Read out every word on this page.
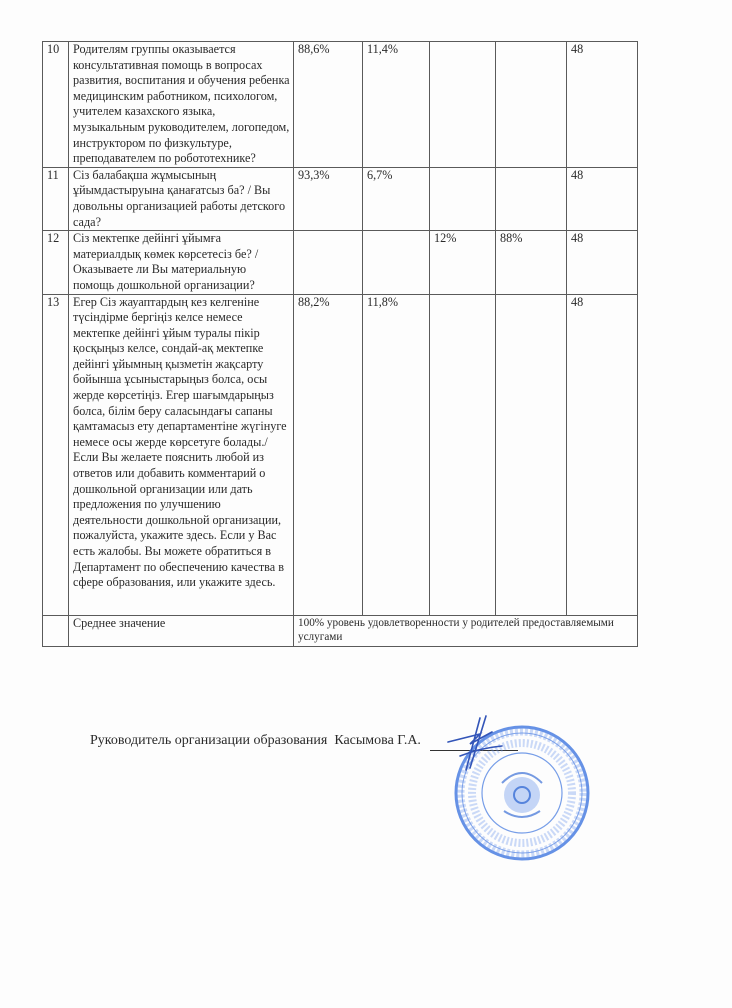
10	Родителям группы оказывается консультативная помощь в вопросах развития, воспитания и обучения ребенка медицинским работником, психологом, учителем казахского языка, музыкальным руководителем, логопедом, инструктором по физкультуре, преподавателем по робототехнике?	88,6%	11,4%			48
11	Сіз балабақша жұмысының ұйымдастыруына қанағатсыз ба? / Вы довольны организацией работы детского сада?	93,3%	6,7%			48
12	Сіз мектепке дейінгі ұйымға материалдық көмек көрсетесіз бе? / Оказываете ли Вы материальную помощь дошкольной организации?			12%	88%	48
13	Егер Сіз жауаптардың кез келгеніне түсіндірме бергіңіз келсе немесе мектепке дейінгі ұйым туралы пікір қосқыңыз келсе, сондай-ақ мектепке дейінгі ұйымның қызметін жақсарту бойынша ұсыныстарыңыз болса, осы жерде көрсетіңіз. Егер шағымдарыңыз болса, білім беру саласындағы сапаны қамтамасыз ету департаментіне жүгінуге немесе осы жерде көрсетуге болады./ Если Вы желаете пояснить любой из ответов или добавить комментарий о дошкольной организации или дать предложения по улучшению деятельности дошкольной организации, пожалуйста, укажите здесь. Если у Вас есть жалобы. Вы можете обратиться в Департамент по обеспечению качества в сфере образования, или укажите здесь.	88,2%	11,8%			48
	Среднее значение	100% уровень удовлетворенности у родителей предоставляемыми услугами				
Руководитель организации образования  Касымова Г.А.
